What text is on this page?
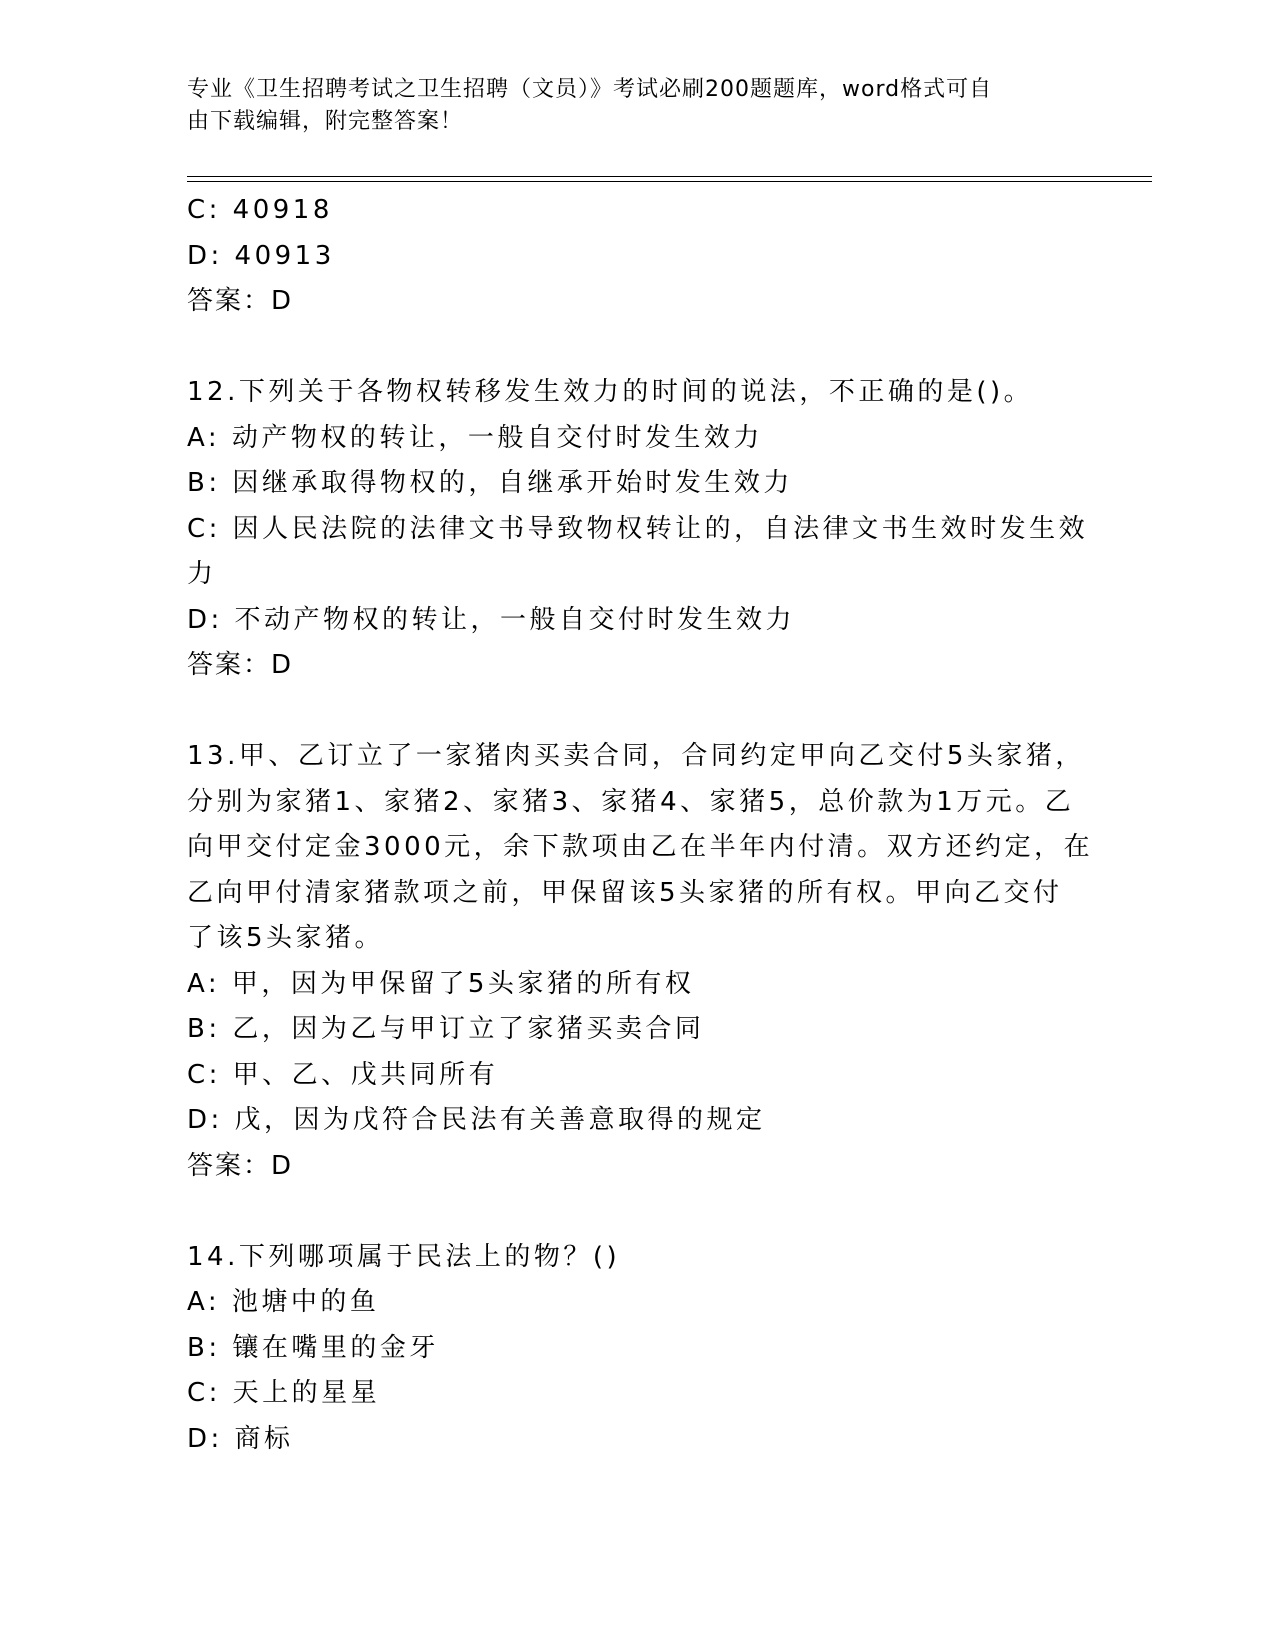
专业《卫生招聘考试之卫生招聘（文员）》考试必刷200题题库，word格式可自
由下载编辑，附完整答案！
C: 40918
D: 40913
答案：D
12.下列关于各物权转移发生效力的时间的说法，不正确的是()。
A: 动产物权的转让，一般自交付时发生效力
B: 因继承取得物权的，自继承开始时发生效力
C: 因人民法院的法律文书导致物权转让的，自法律文书生效时发生效
力
D: 不动产物权的转让，一般自交付时发生效力
答案：D
13.甲、乙订立了一家猪肉买卖合同，合同约定甲向乙交付5头家猪，
分别为家猪1、家猪2、家猪3、家猪4、家猪5，总价款为1万元。乙
向甲交付定金3000元，余下款项由乙在半年内付清。双方还约定，在
乙向甲付清家猪款项之前，甲保留该5头家猪的所有权。甲向乙交付
了该5头家猪。
A: 甲，因为甲保留了5头家猪的所有权
B: 乙，因为乙与甲订立了家猪买卖合同
C: 甲、乙、戊共同所有
D: 戊，因为戊符合民法有关善意取得的规定
答案：D
14.下列哪项属于民法上的物？()
A: 池塘中的鱼
B: 镶在嘴里的金牙
C: 天上的星星
D: 商标
